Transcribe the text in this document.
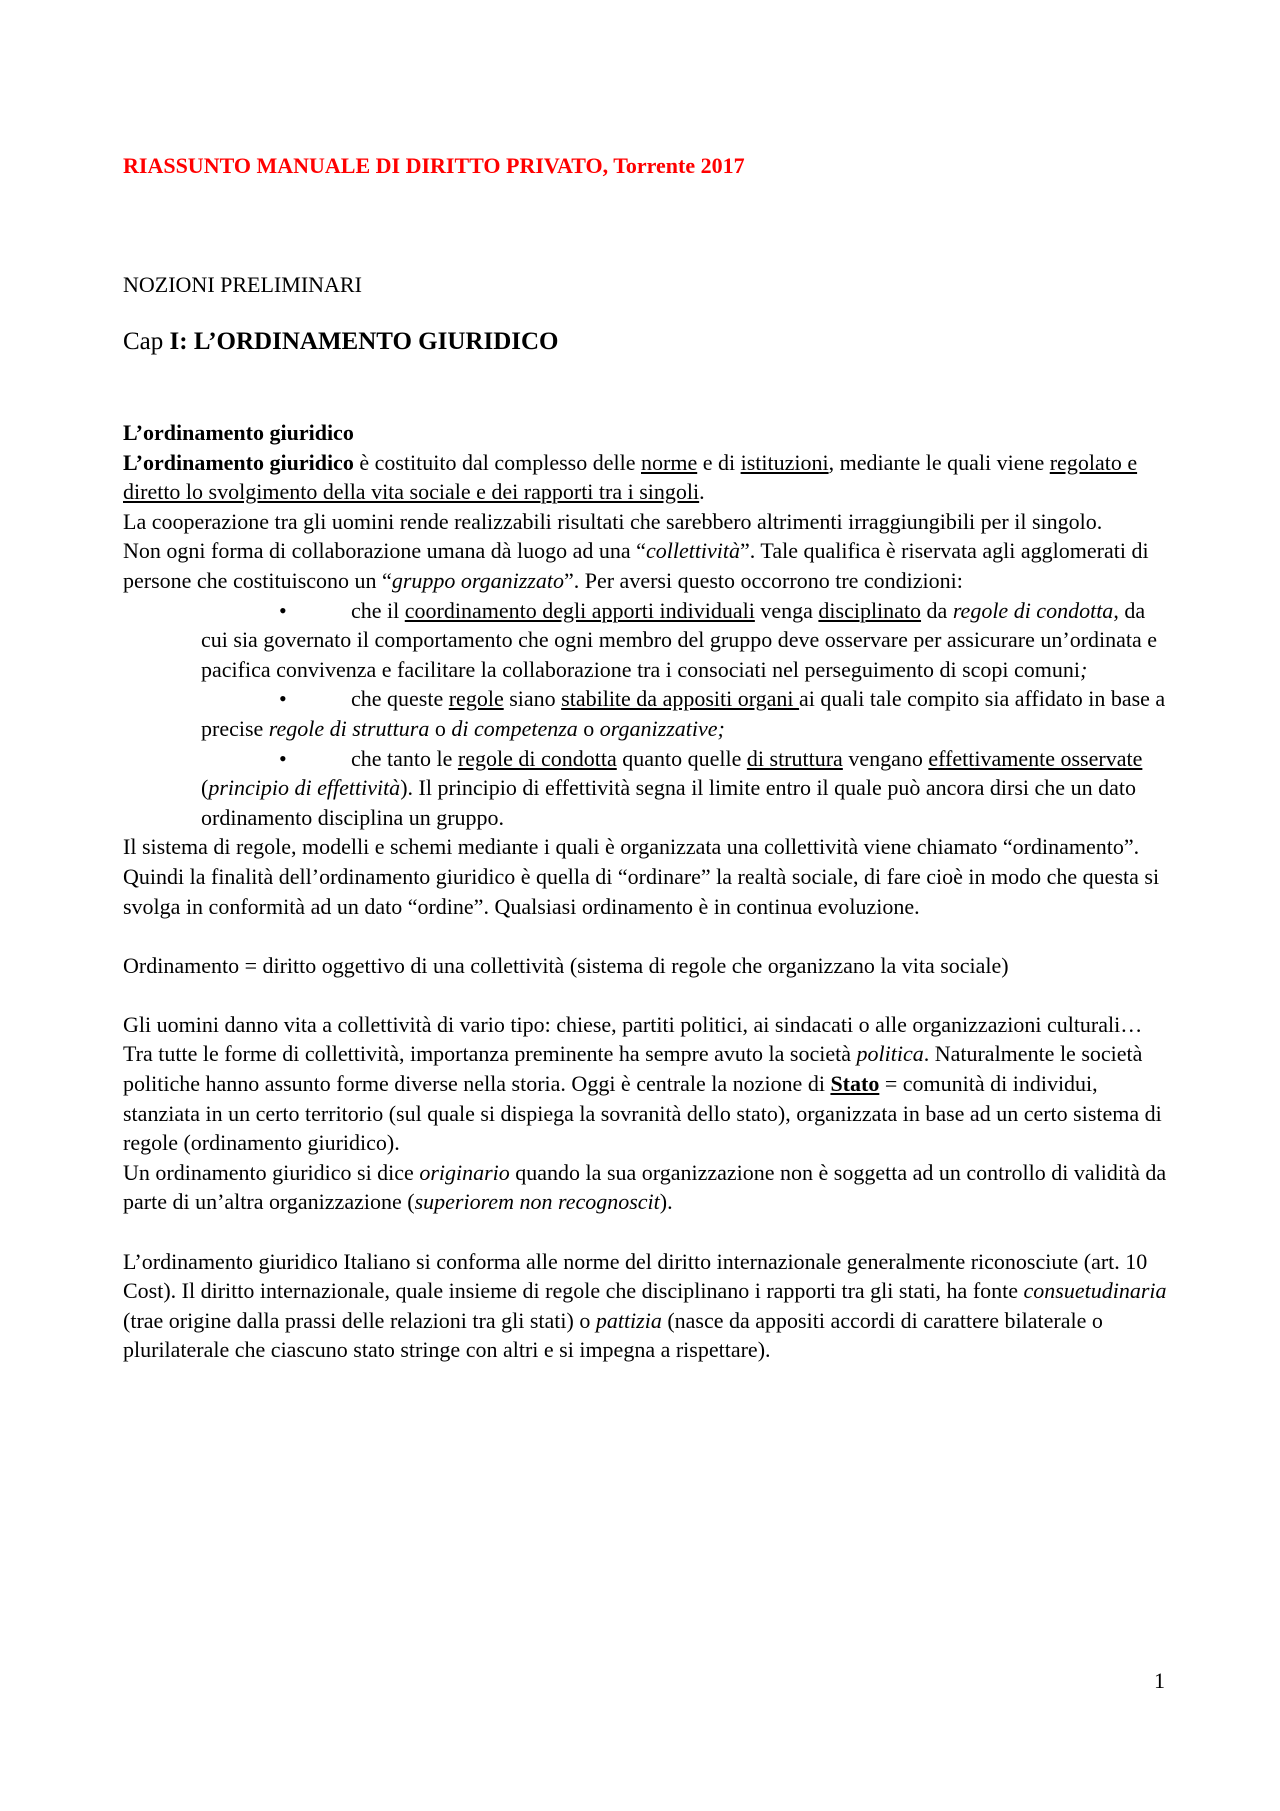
RIASSUNTO MANUALE DI DIRITTO PRIVATO, Torrente 2017
NOZIONI PRELIMINARI
Cap I: L’ORDINAMENTO GIURIDICO

L’ordinamento giuridico

L’ordinamento giuridico è costituito dal complesso delle norme e di istituzioni, mediante le quali viene regolato e diretto lo svolgimento della vita sociale e dei rapporti tra i singoli.

La cooperazione tra gli uomini rende realizzabili risultati che sarebbero altrimenti irraggiungibili per il singolo.

Non ogni forma di collaborazione umana dà luogo ad una “collettività”. Tale qualifica è riservata agli agglomerati di persone che costituiscono un “gruppo organizzato”. Per aversi questo occorrono tre condizioni:

•	che il coordinamento degli apporti individuali venga disciplinato da regole di condotta, da cui sia governato il comportamento che ogni membro del gruppo deve osservare per assicurare un’ordinata e pacifica convivenza e facilitare la collaborazione tra i consociati nel perseguimento di scopi comuni;
•	che queste regole siano stabilite da appositi organi ai quali tale compito sia affidato in base a precise regole di struttura o di competenza o organizzative;
•	che tanto le regole di condotta quanto quelle di struttura vengano effettivamente osservate (principio di effettività). Il principio di effettività segna il limite entro il quale può ancora dirsi che un dato ordinamento disciplina un gruppo.

Il sistema di regole, modelli e schemi mediante i quali è organizzata una collettività viene chiamato “ordinamento”. Quindi la finalità dell’ordinamento giuridico è quella di “ordinare” la realtà sociale, di fare cioè in modo che questa si svolga in conformità ad un dato “ordine”. Qualsiasi ordinamento è in continua evoluzione.

Ordinamento = diritto oggettivo di una collettività (sistema di regole che organizzano la vita sociale)

Gli uomini danno vita a collettività di vario tipo: chiese, partiti politici, ai sindacati o alle organizzazioni culturali…Tra tutte le forme di collettività, importanza preminente ha sempre avuto la società politica. Naturalmente le società politiche hanno assunto forme diverse nella storia. Oggi è centrale la nozione di Stato = comunità di individui, stanziata in un certo territorio (sul quale si dispiega la sovranità dello stato), organizzata in base ad un certo sistema di regole (ordinamento giuridico).

Un ordinamento giuridico si dice originario quando la sua organizzazione non è soggetta ad un controllo di validità da parte di un’altra organizzazione (superiorem non recognoscit).

L’ordinamento giuridico Italiano si conforma alle norme del diritto internazionale generalmente riconosciute (art. 10 Cost). Il diritto internazionale, quale insieme di regole che disciplinano i rapporti tra gli stati, ha fonte consuetudinaria (trae origine dalla prassi delle relazioni tra gli stati) o pattizia (nasce da appositi accordi di carattere bilaterale o plurilaterale che ciascuno stato stringe con altri e si impegna a rispettare).

1
